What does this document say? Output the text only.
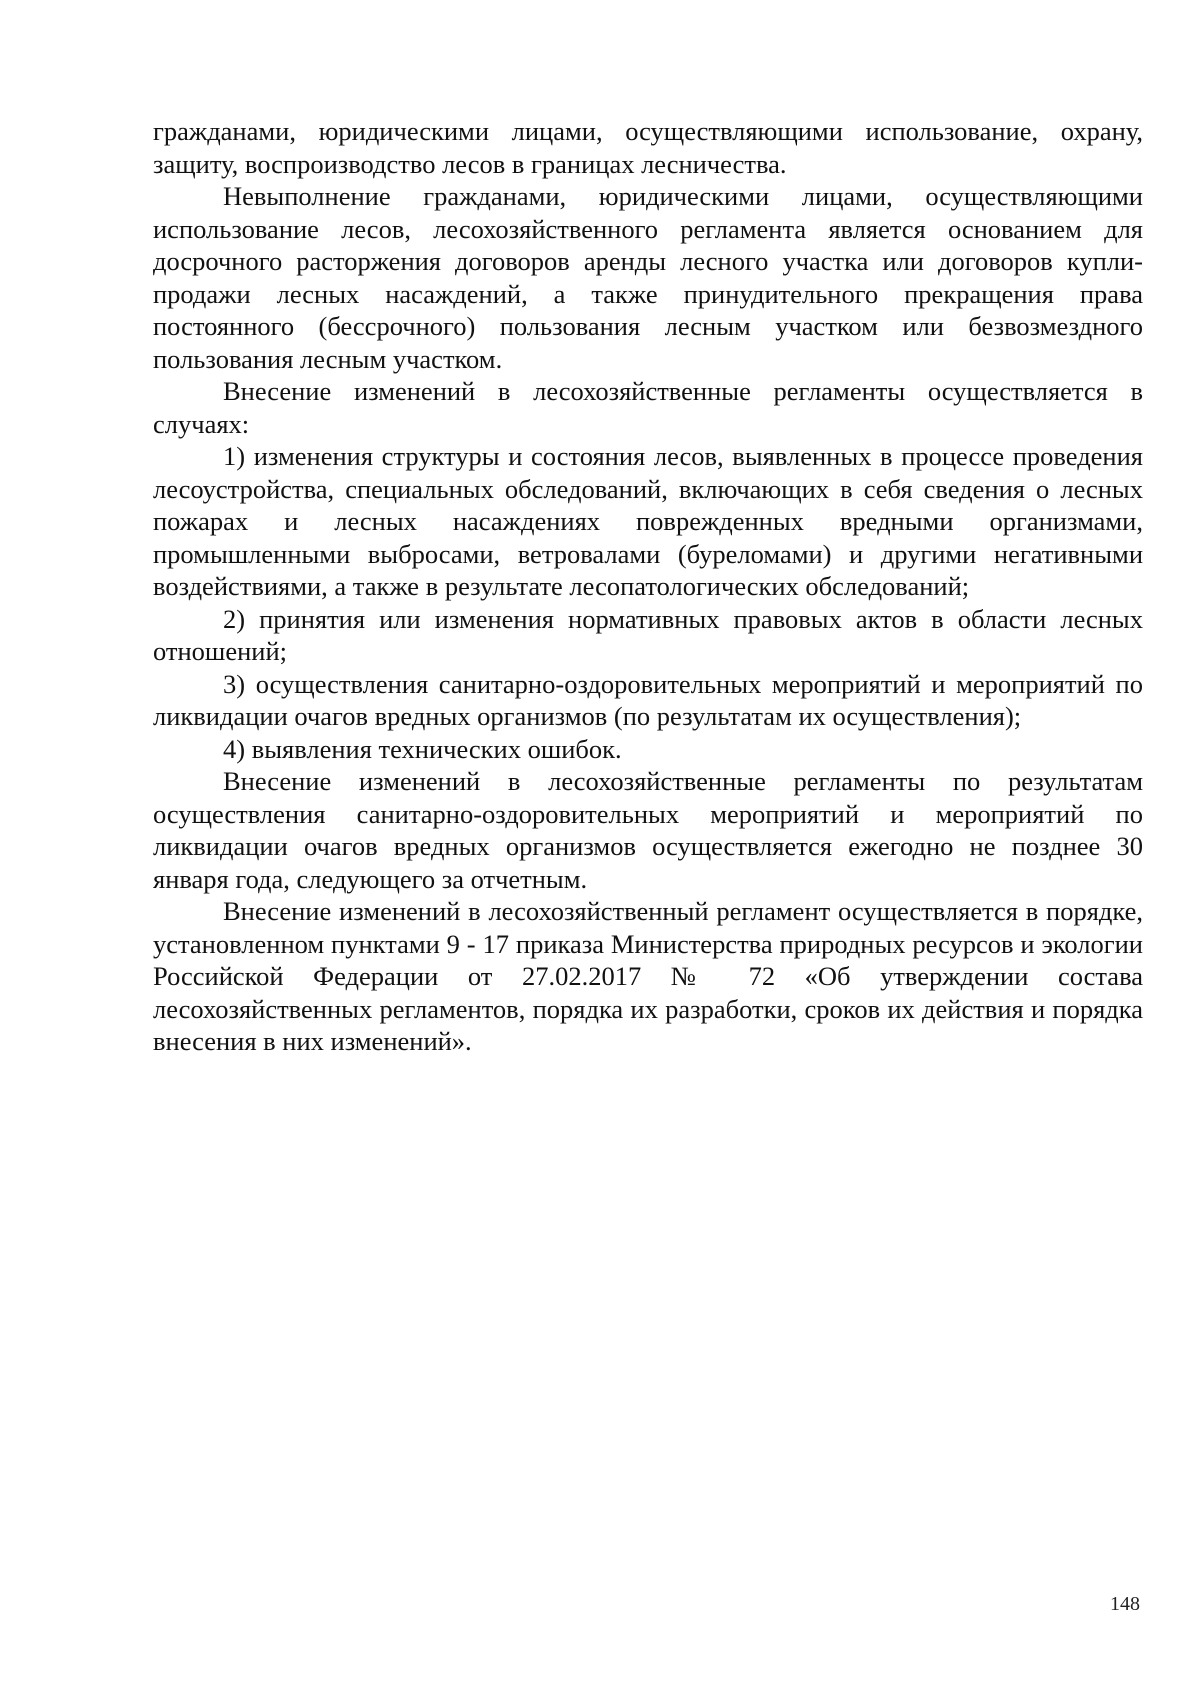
гражданами, юридическими лицами, осуществляющими использование, охрану, защиту, воспроизводство лесов в границах лесничества.

Невыполнение гражданами, юридическими лицами, осуществляющими использование лесов, лесохозяйственного регламента является основанием для досрочного расторжения договоров аренды лесного участка или договоров купли-продажи лесных насаждений, а также принудительного прекращения права постоянного (бессрочного) пользования лесным участком или безвозмездного пользования лесным участком.

Внесение изменений в лесохозяйственные регламенты осуществляется в случаях:

1) изменения структуры и состояния лесов, выявленных в процессе проведения лесоустройства, специальных обследований, включающих в себя сведения о лесных пожарах и лесных насаждениях поврежденных вредными организмами, промышленными выбросами, ветровалами (буреломами) и другими негативными воздействиями, а также в результате лесопатологических обследований;

2) принятия или изменения нормативных правовых актов в области лесных отношений;

3) осуществления санитарно-оздоровительных мероприятий и мероприятий по ликвидации очагов вредных организмов (по результатам их осуществления);

4) выявления технических ошибок.

Внесение изменений в лесохозяйственные регламенты по результатам осуществления санитарно-оздоровительных мероприятий и мероприятий по ликвидации очагов вредных организмов осуществляется ежегодно не позднее 30 января года, следующего за отчетным.

Внесение изменений в лесохозяйственный регламент осуществляется в порядке, установленном пунктами 9 - 17 приказа Министерства природных ресурсов и экологии Российской Федерации от 27.02.2017 № 72 «Об утверждении состава лесохозяйственных регламентов, порядка их разработки, сроков их действия и порядка внесения в них изменений».

148
